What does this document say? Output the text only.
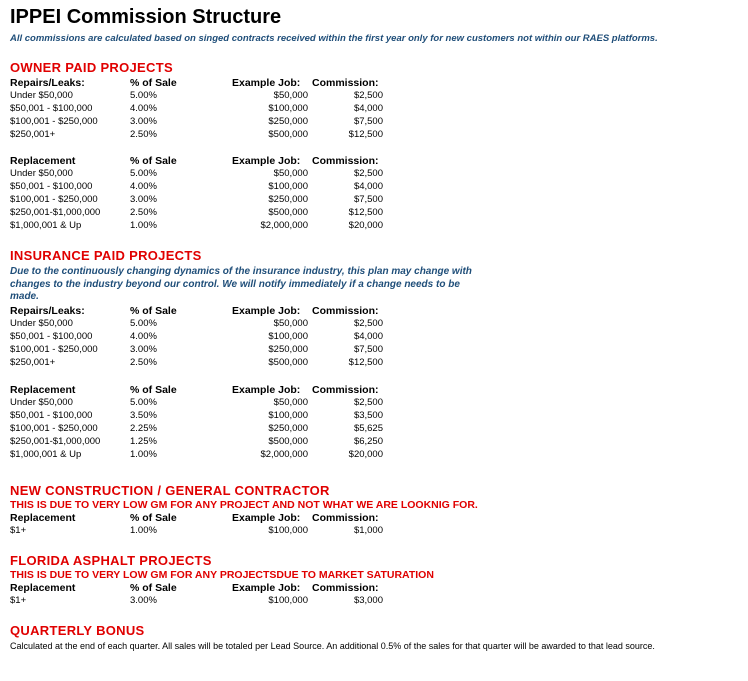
IPPEI Commission Structure
All commissions are calculated based on singed contracts received within the first year only for new customers not within our RAES platforms.
OWNER PAID PROJECTS
Repairs/Leaks:	% of Sale	Example Job: Commission:
Under $50,000	5.00%	$50,000	$2,500
$50,001 - $100,000	4.00%	$100,000	$4,000
$100,001 - $250,000	3.00%	$250,000	$7,500
$250,001+	2.50%	$500,000	$12,500
Replacement	% of Sale	Example Job: Commission:
Under $50,000	5.00%	$50,000	$2,500
$50,001 - $100,000	4.00%	$100,000	$4,000
$100,001 - $250,000	3.00%	$250,000	$7,500
$250,001-$1,000,000	2.50%	$500,000	$12,500
$1,000,001 & Up	1.00%	$2,000,000	$20,000
INSURANCE PAID PROJECTS
Due to the continuously changing dynamics of the insurance industry, this plan may change with changes to the industry beyond our control. We will notify immediately if a change needs to be made.
Repairs/Leaks:	% of Sale	Example Job: Commission:
Under $50,000	5.00%	$50,000	$2,500
$50,001 - $100,000	4.00%	$100,000	$4,000
$100,001 - $250,000	3.00%	$250,000	$7,500
$250,001+	2.50%	$500,000	$12,500
Replacement	% of Sale	Example Job: Commission:
Under $50,000	5.00%	$50,000	$2,500
$50,001 - $100,000	3.50%	$100,000	$3,500
$100,001 - $250,000	2.25%	$250,000	$5,625
$250,001-$1,000,000	1.25%	$500,000	$6,250
$1,000,001 & Up	1.00%	$2,000,000	$20,000
NEW CONSTRUCTION / GENERAL CONTRACTOR
THIS IS DUE TO VERY LOW GM FOR ANY PROJECT AND NOT WHAT WE ARE LOOKNIG FOR.
Replacement	% of Sale	Example Job: Commission:
$1+	1.00%	$100,000	$1,000
FLORIDA ASPHALT PROJECTS
THIS IS DUE TO VERY LOW GM FOR ANY PROJECTSDUE TO MARKET SATURATION
Replacement	% of Sale	Example Job: Commission:
$1+	3.00%	$100,000	$3,000
QUARTERLY BONUS
Calculated at the end of each quarter. All sales will be totaled per Lead Source. An additional 0.5% of the sales for that quarter will be awarded to that lead source.
